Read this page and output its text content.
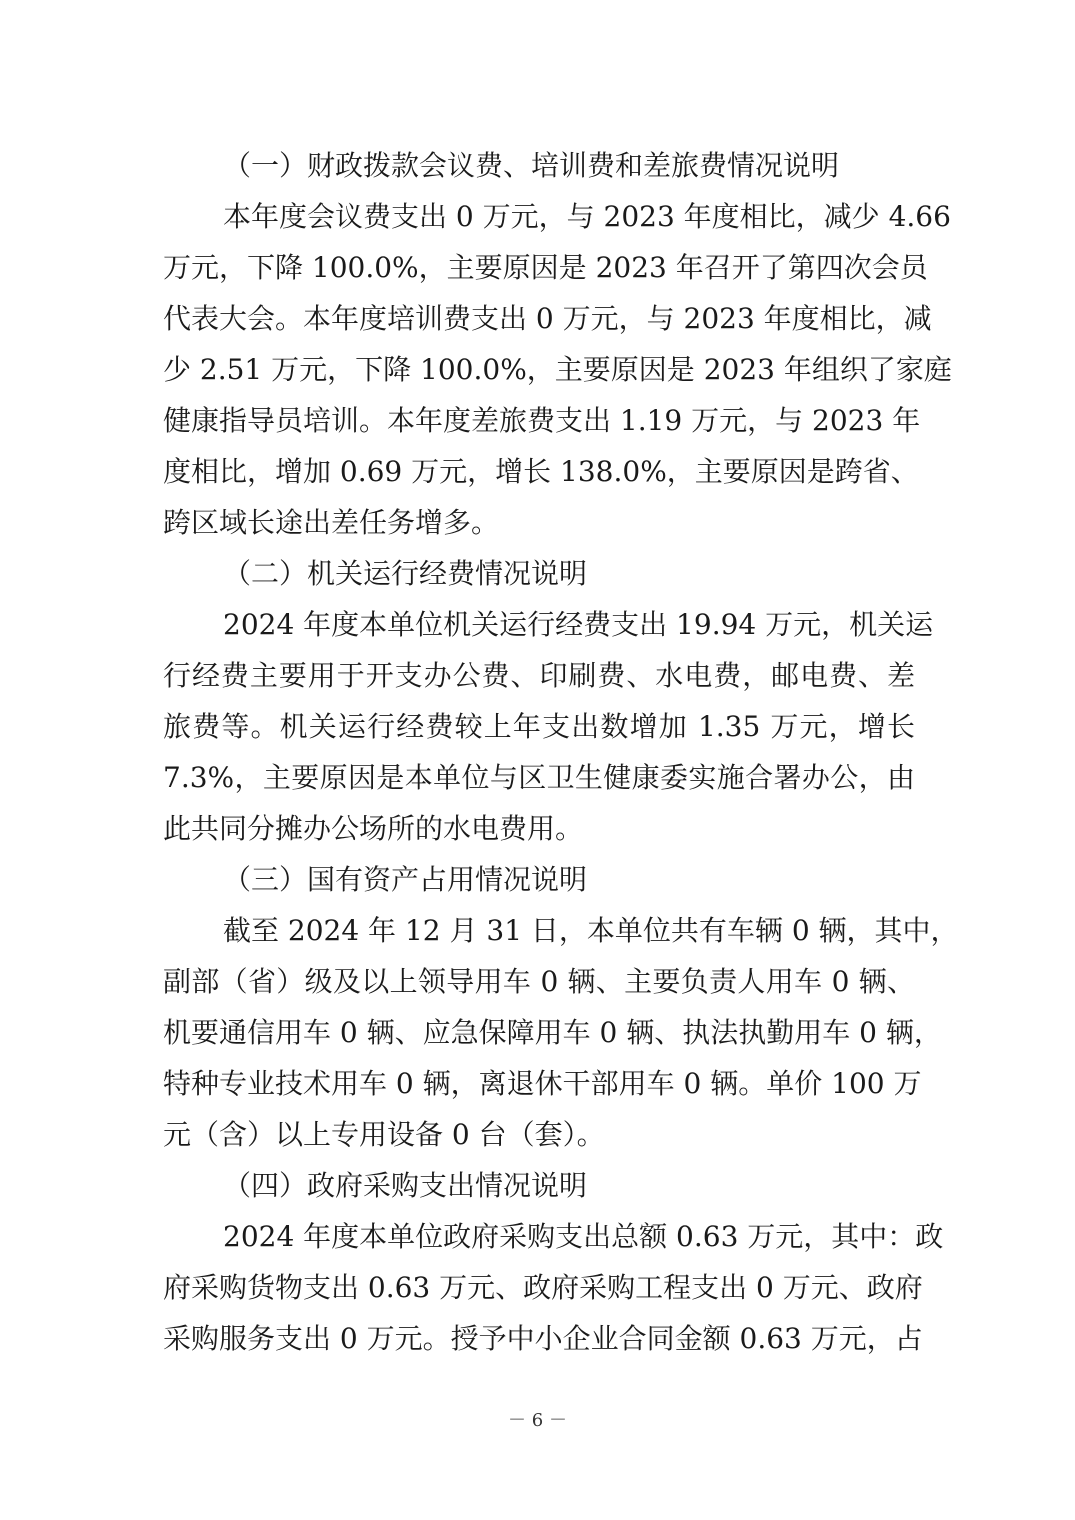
（一）财政拨款会议费、培训费和差旅费情况说明
本年度会议费支出 0 万元，与 2023 年度相比，减少 4.66
万元，下降 100.0%，主要原因是 2023 年召开了第四次会员
代表大会。本年度培训费支出 0 万元，与 2023 年度相比，减
少 2.51 万元，下降 100.0%，主要原因是 2023 年组织了家庭
健康指导员培训。本年度差旅费支出 1.19 万元，与 2023 年
度相比，增加 0.69 万元，增长 138.0%，主要原因是跨省、
跨区域长途出差任务增多。
（二）机关运行经费情况说明
2024 年度本单位机关运行经费支出 19.94 万元，机关运
行经费主要用于开支办公费、印刷费、水电费，邮电费、差
旅费等。机关运行经费较上年支出数增加 1.35 万元，增长
7.3%，主要原因是本单位与区卫生健康委实施合署办公，由
此共同分摊办公场所的水电费用。
（三）国有资产占用情况说明
截至 2024 年 12 月 31 日，本单位共有车辆 0 辆，其中，
副部（省）级及以上领导用车 0 辆、主要负责人用车 0 辆、
机要通信用车 0 辆、应急保障用车 0 辆、执法执勤用车 0 辆，
特种专业技术用车 0 辆，离退休干部用车 0 辆。单价 100 万
元（含）以上专用设备 0 台（套）。
（四）政府采购支出情况说明
2024 年度本单位政府采购支出总额 0.63 万元，其中：政
府采购货物支出 0.63 万元、政府采购工程支出 0 万元、政府
采购服务支出 0 万元。授予中小企业合同金额 0.63 万元，占
－ 6 －
